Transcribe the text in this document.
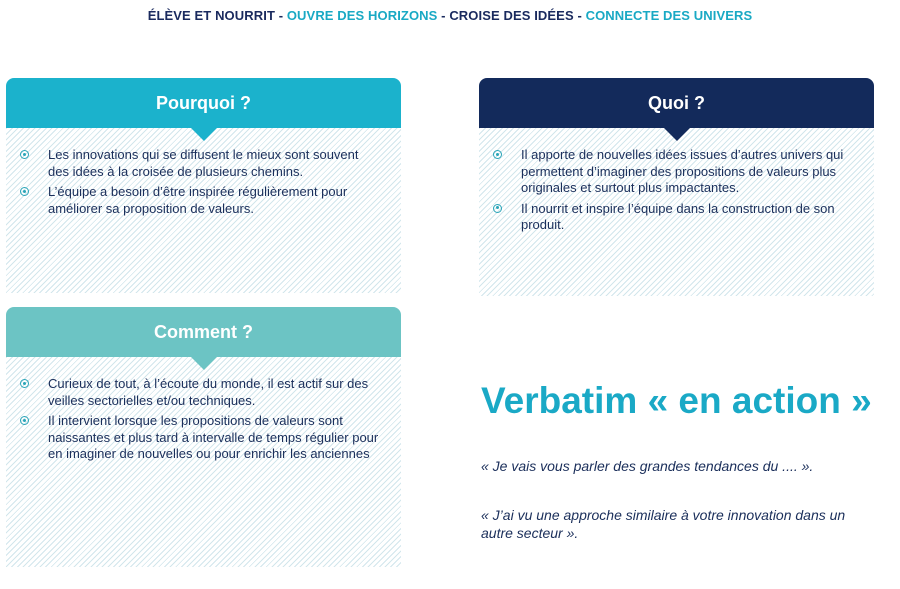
ÉLÈVE ET NOURRIT - OUVRE DES HORIZONS - CROISE DES IDÉES - CONNECTE DES UNIVERS
Pourquoi ?
Les innovations qui se diffusent le mieux sont souvent des idées à la croisée de plusieurs chemins.
L’équipe a besoin d’être inspirée régulièrement pour améliorer sa proposition de valeurs.
Quoi ?
Il apporte de nouvelles idées issues d’autres univers qui permettent d’imaginer des propositions de valeurs plus originales et surtout plus impactantes.
Il nourrit et inspire l’équipe dans la construction de son produit.
Comment ?
Curieux de tout, à l’écoute du monde, il est actif sur des veilles sectorielles et/ou techniques.
Il intervient lorsque les propositions de valeurs sont naissantes et plus tard à intervalle de temps régulier pour en imaginer de nouvelles ou pour enrichir les anciennes
Verbatim « en action »

« Je vais vous parler des grandes tendances du .... ».

« J’ai vu une approche similaire à votre innovation dans un autre secteur ».
